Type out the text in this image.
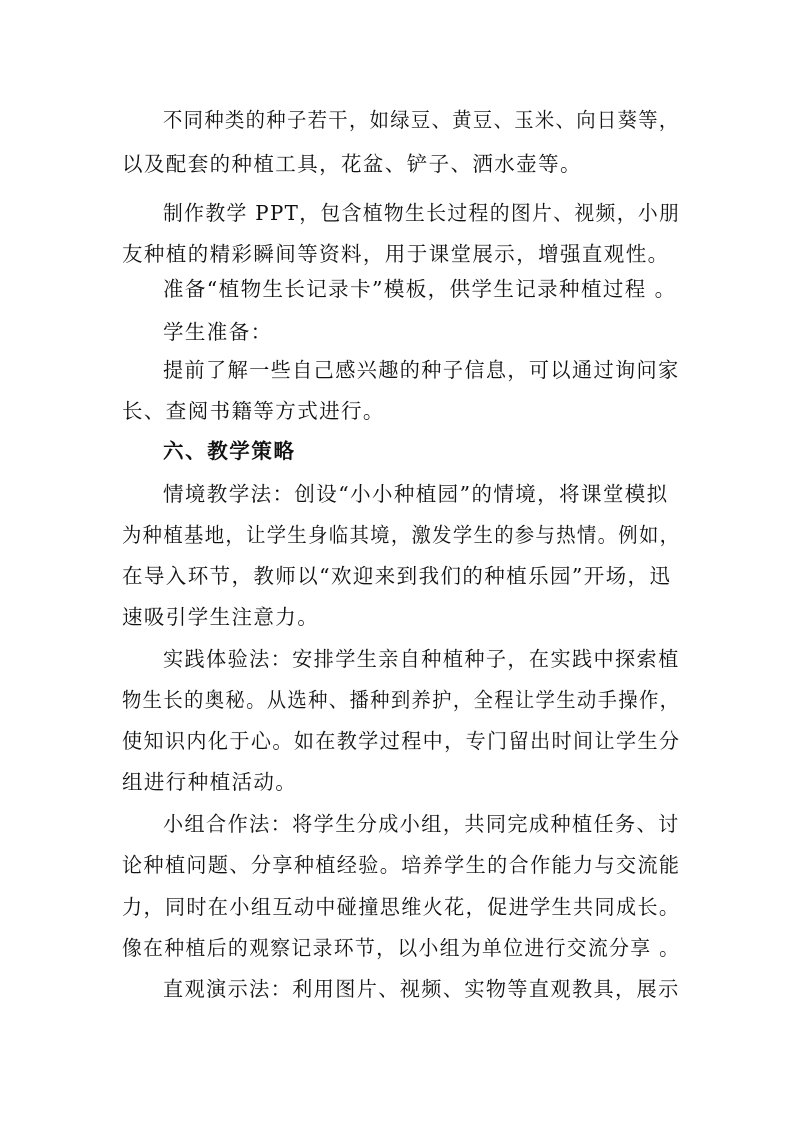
不同种类的种子若干，如绿豆、黄豆、玉米、向日葵等，
以及配套的种植工具，花盆、铲子、洒水壶等。
制作教学 PPT，包含植物生长过程的图片、视频，小朋
友种植的精彩瞬间等资料，用于课堂展示，增强直观性。
准备“植物生长记录卡”模板，供学生记录种植过程 。
学生准备：
提前了解一些自己感兴趣的种子信息，可以通过询问家
长、查阅书籍等方式进行。
六、教学策略
情境教学法：创设“小小种植园”的情境，将课堂模拟
为种植基地，让学生身临其境，激发学生的参与热情。例如，
在导入环节，教师以“欢迎来到我们的种植乐园”开场，迅
速吸引学生注意力。
实践体验法：安排学生亲自种植种子，在实践中探索植
物生长的奥秘。从选种、播种到养护，全程让学生动手操作，
使知识内化于心。如在教学过程中，专门留出时间让学生分
组进行种植活动。
小组合作法：将学生分成小组，共同完成种植任务、讨
论种植问题、分享种植经验。培养学生的合作能力与交流能
力，同时在小组互动中碰撞思维火花，促进学生共同成长。
像在种植后的观察记录环节，以小组为单位进行交流分享 。
直观演示法：利用图片、视频、实物等直观教具，展示
